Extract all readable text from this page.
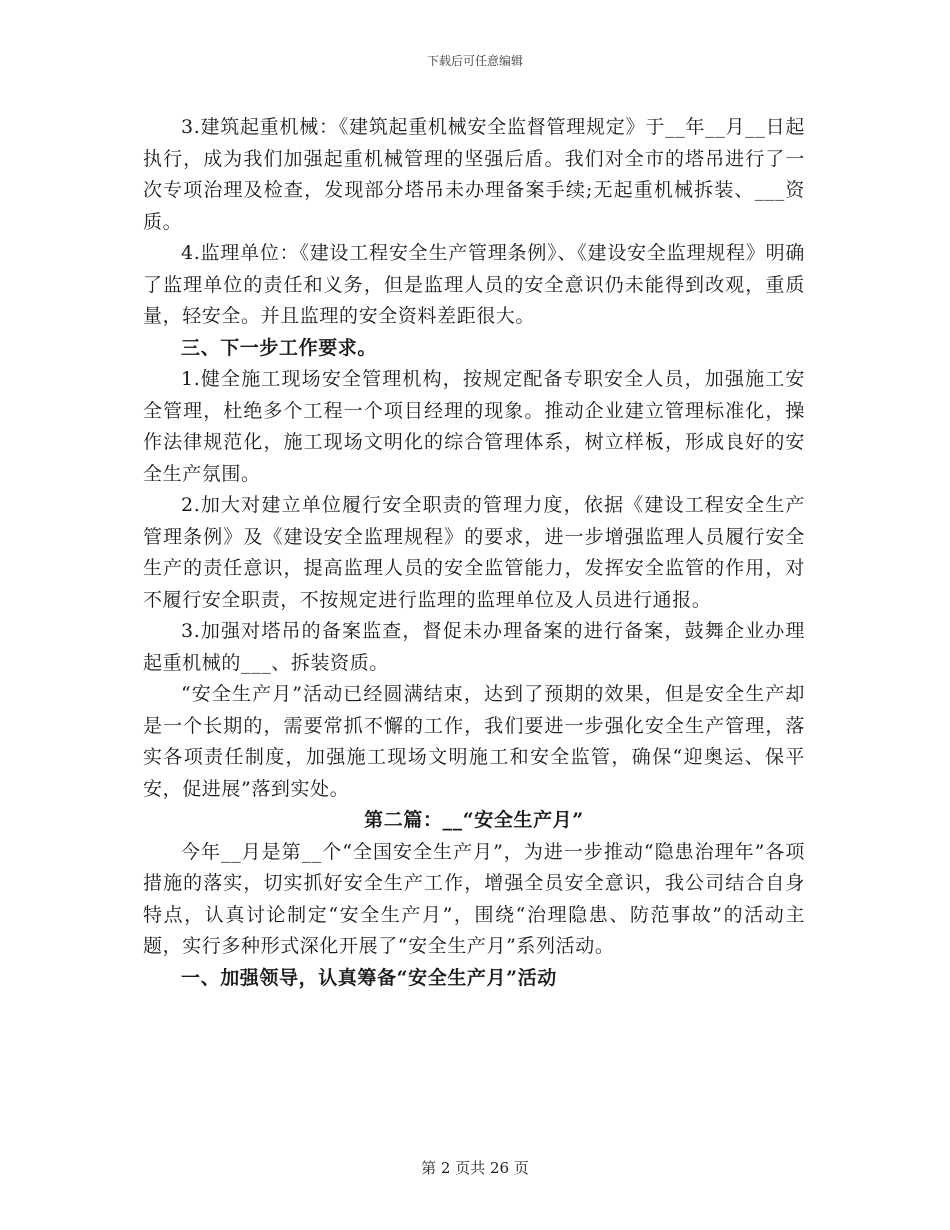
下载后可任意编辑

3.建筑起重机械：《建筑起重机械安全监督管理规定》于__年__月__日起执行，成为我们加强起重机械管理的坚强后盾。我们对全市的塔吊进行了一次专项治理及检查，发现部分塔吊未办理备案手续;无起重机械拆装、___资质。

4.监理单位：《建设工程安全生产管理条例》、《建设安全监理规程》明确了监理单位的责任和义务，但是监理人员的安全意识仍未能得到改观，重质量，轻安全。并且监理的安全资料差距很大。

三、下一步工作要求。

1.健全施工现场安全管理机构，按规定配备专职安全人员，加强施工安全管理，杜绝多个工程一个项目经理的现象。推动企业建立管理标准化，操作法律规范化，施工现场文明化的综合管理体系，树立样板，形成良好的安全生产氛围。

2.加大对建立单位履行安全职责的管理力度，依据《建设工程安全生产管理条例》及《建设安全监理规程》的要求，进一步增强监理人员履行安全生产的责任意识，提高监理人员的安全监管能力，发挥安全监管的作用，对不履行安全职责，不按规定进行监理的监理单位及人员进行通报。

3.加强对塔吊的备案监查，督促未办理备案的进行备案，鼓舞企业办理起重机械的___、拆装资质。

“安全生产月”活动已经圆满结束，达到了预期的效果，但是安全生产却是一个长期的，需要常抓不懈的工作，我们要进一步强化安全生产管理，落实各项责任制度，加强施工现场文明施工和安全监管，确保“迎奥运、保平安，促进展”落到实处。

第二篇：__“安全生产月”

今年__月是第__个“全国安全生产月”，为进一步推动“隐患治理年”各项措施的落实，切实抓好安全生产工作，增强全员安全意识，我公司结合自身特点，认真讨论制定“安全生产月”，围绕“治理隐患、防范事故”的活动主题，实行多种形式深化开展了“安全生产月”系列活动。

一、加强领导，认真筹备“安全生产月”活动

第 2 页共 26 页
